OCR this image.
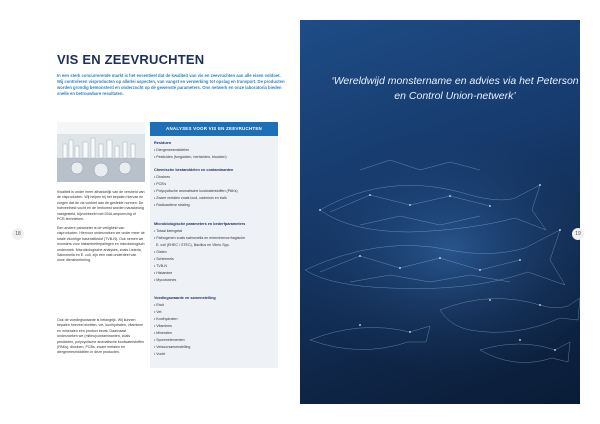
VIS EN ZEEVRUCHTEN
In een sterk concurrerende markt is het essentieel dat de kwaliteit van vis en zeevruchten aan alle eisen voldoet. Wij controleren visproducten op allerlei aspecten, van vangst en verwerking tot opslag en transport. De producten worden grondig bemonsterd en onderzocht op de gewenste parameters. Ons netwerk en onze laboratoria bieden snelle en betrouwbare resultaten.
Kwaliteit is onder meer afhankelijk van de versheid van de visproducten. Wij helpen bij het bepalen hiervan en zorgen dat de vis voldoet aan de gestelde normen. De hoeveelheid vocht en de herkomst worden nauwkeurig vastgesteld, bijvoorbeeld met DNA-sequencing of PCR-technieken.
Een andere parameter is de veiligheid van visproducten. Hiervoor onderzoeken we onder meer de totale vluchtige basenstikstof (TVB-N). Ook nemen we monsters voor histaminebepalingen en microbiologisch onderzoek. Microbiologische analyses, zoals Listeria, Salmonella en E. coli, zijn een vast onderdeel van onze dienstverlening.
Ook de voedingswaarde is belangrijk. Wij kunnen bepalen hoeveel eiwitten, vet, koolhydraten, vitaminen en mineralen een product bevat. Daarnaast onderzoeken we (milieu)contaminanten, zoals pesticiden, polycyclische aromatische koolwaterstoffen (PAKs), dioxinen, PCBs, zware metalen en diergeneesmiddelen in deze producten.
ANALYSES VOOR VIS EN ZEEVRUCHTEN
Residuen
• Diergeneesmiddelen
• Pesticiden (fungiciden, herbiciden, biociden)
Chemische bestanddelen en contaminanten
• Dioxines
• PCB's
• Polycyclische aromatische koolwaterstoffen (PAKs)
• Zware metalen zoals lood, cadmium en kwik
• Radioactieve straling
Microbiologische parameters en bederfparameters
• Totaal kiemgetal
• Pathogenen zoals salmonella en enterohemorrhagische
E. coli (EHEC / STEC), Bacillus en Vibrio Spp.
• Gisten
• Schimmels
• TVB-N
• Histamine
• Mycotoxines
Voedingswaarde en samenstelling
• Eiwit
• Vet
• Koolhydraten
• Vitamines
• Mineralen
• Sporenelementen
• Vetzuursamenstelling
• Vocht
18
‘Wereldwijd monstername en advies via het Peterson en Control Union-netwerk’
19
